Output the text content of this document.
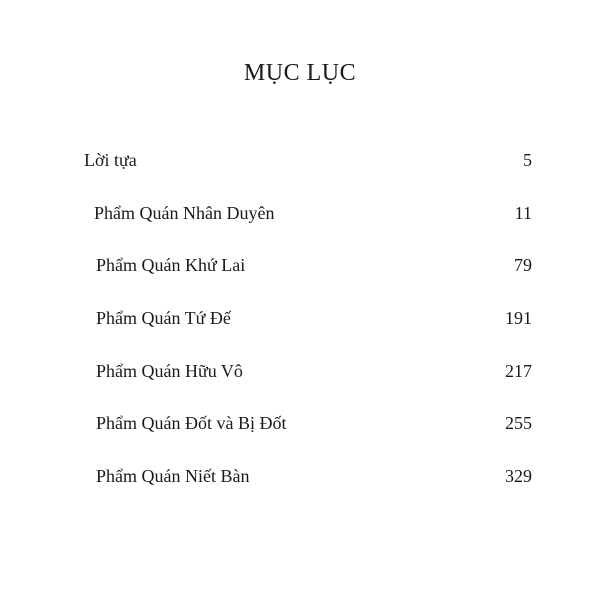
MỤC LỤC
Lời tựa	5
Phẩm Quán Nhân Duyên	11
Phẩm Quán Khứ Lai	79
Phẩm Quán Tứ Đế	191
Phẩm Quán Hữu Vô	217
Phẩm Quán Đốt và Bị Đốt	255
Phẩm Quán Niết Bàn	329
